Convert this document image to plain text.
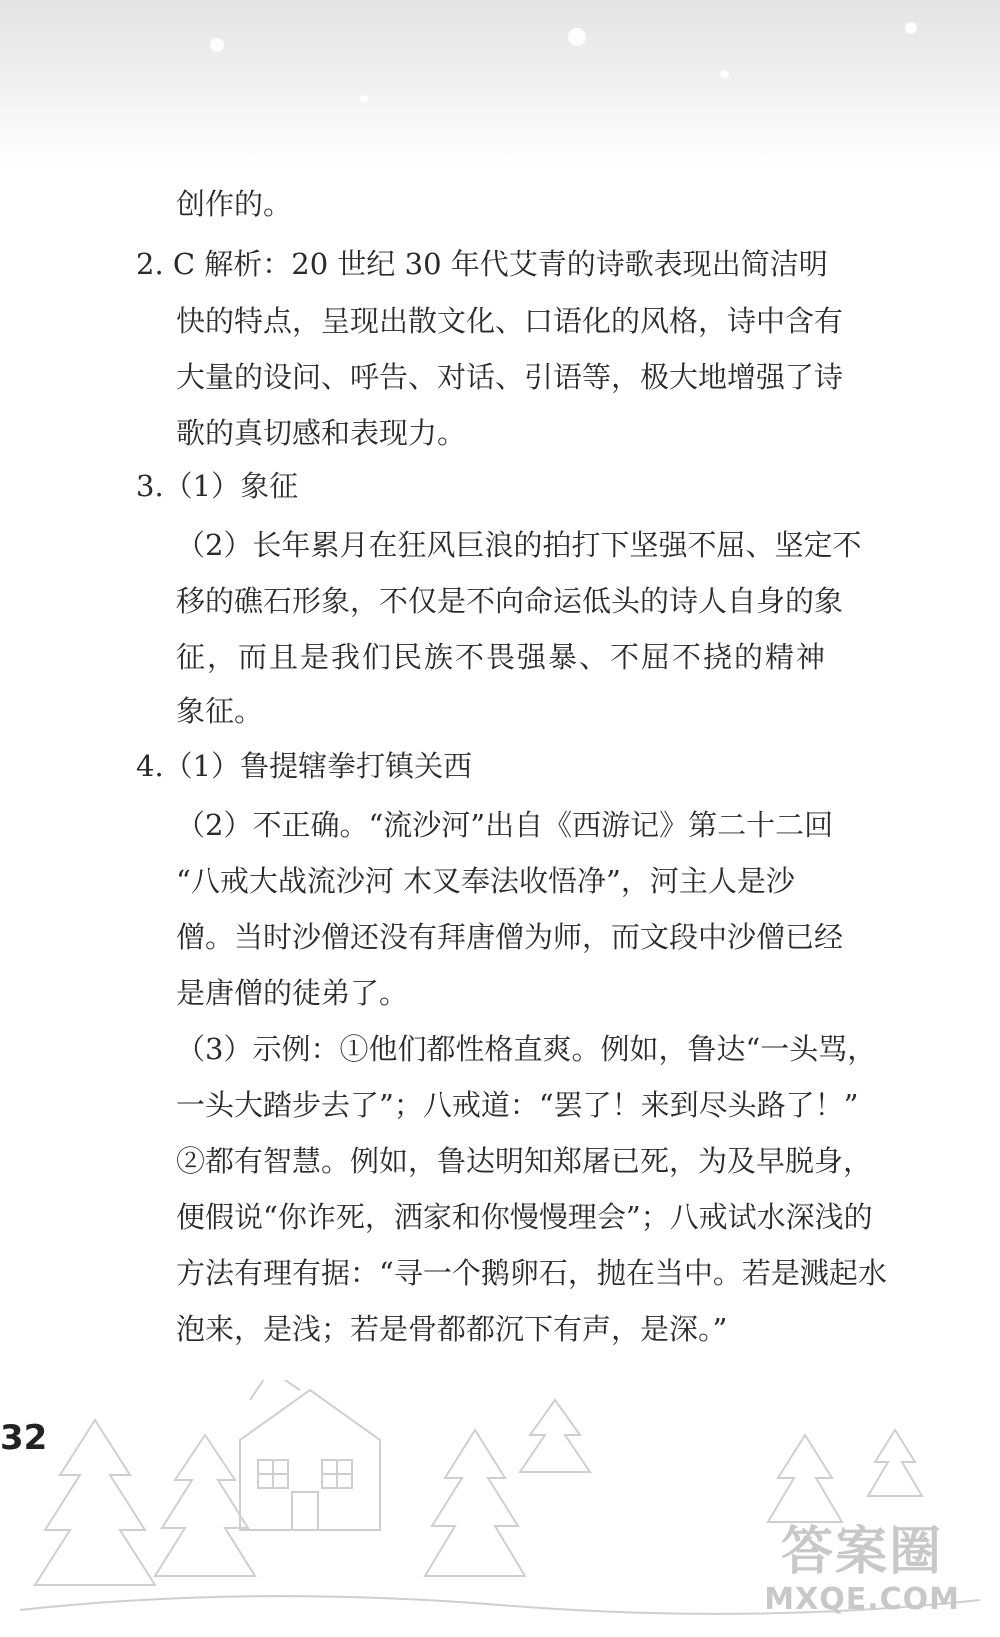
创作的。
2. C 解析：20 世纪 30 年代艾青的诗歌表现出简洁明
快的特点，呈现出散文化、口语化的风格，诗中含有
大量的设问、呼告、对话、引语等，极大地增强了诗
歌的真切感和表现力。
3.（1）象征
（2）长年累月在狂风巨浪的拍打下坚强不屈、坚定不
移的礁石形象，不仅是不向命运低头的诗人自身的象
征，而且是我们民族不畏强暴、不屈不挠的精神
象征。
4.（1）鲁提辖拳打镇关西
（2）不正确。“流沙河”出自《西游记》第二十二回
“八戒大战流沙河 木叉奉法收悟净”，河主人是沙
僧。当时沙僧还没有拜唐僧为师，而文段中沙僧已经
是唐僧的徒弟了。
（3）示例：①他们都性格直爽。例如，鲁达“一头骂，
一头大踏步去了”；八戒道：“罢了！来到尽头路了！”
②都有智慧。例如，鲁达明知郑屠已死，为及早脱身，
便假说“你诈死，洒家和你慢慢理会”；八戒试水深浅的
方法有理有据：“寻一个鹅卵石，抛在当中。若是溅起水
泡来，是浅；若是骨都都沉下有声，是深。”
32
答案圈
MXQE.COM
